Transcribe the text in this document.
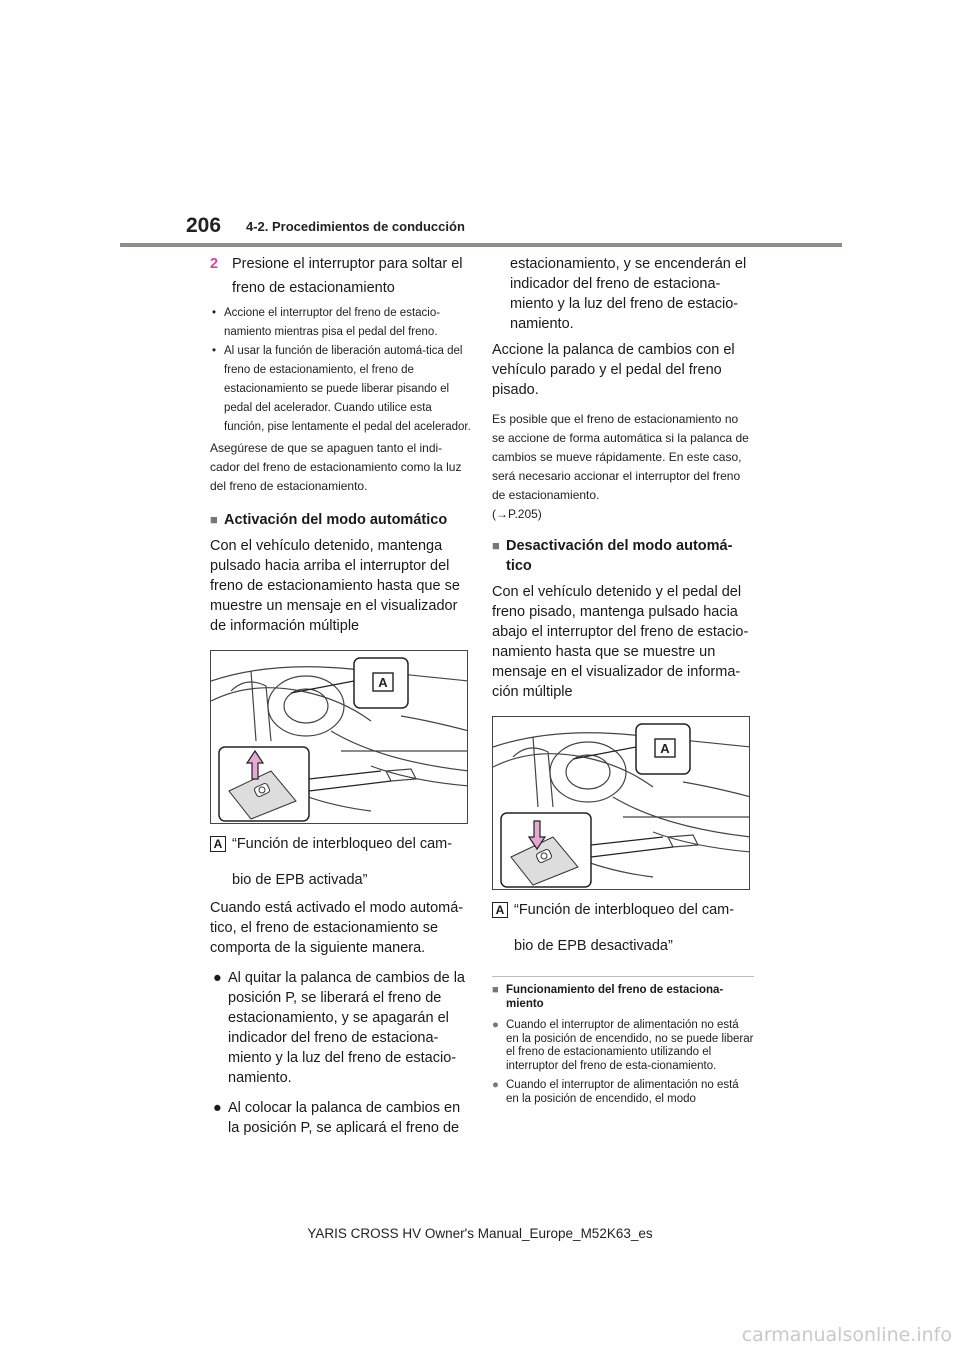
206 4-2. Procedimientos de conducción
2 Presione el interruptor para soltar el
freno de estacionamiento
• Accione el interruptor del freno de estacio-namiento mientras pisa el pedal del freno.
• Al usar la función de liberación automá-tica del freno de estacionamiento, el freno de estacionamiento se puede liberar pisando el pedal del acelerador. Cuando utilice esta función, pise lentamente el pedal del acelerador.
Asegúrese de que se apaguen tanto el indi-cador del freno de estacionamiento como la luz del freno de estacionamiento.
■ Activación del modo automático
Con el vehículo detenido, mantenga pulsado hacia arriba el interruptor del freno de estacionamiento hasta que se muestre un mensaje en el visualizador de información múltiple
A
A “Función de interbloqueo del cam-
bio de EPB activada”
Cuando está activado el modo automá-tico, el freno de estacionamiento se comporta de la siguiente manera.
● Al quitar la palanca de cambios de la posición P, se liberará el freno de estacionamiento, y se apagarán el indicador del freno de estaciona-miento y la luz del freno de estacio-namiento.
● Al colocar la palanca de cambios en la posición P, se aplicará el freno de
estacionamiento, y se encenderán el indicador del freno de estaciona-miento y la luz del freno de estacio-namiento.
Accione la palanca de cambios con el vehículo parado y el pedal del freno pisado.
Es posible que el freno de estacionamiento no se accione de forma automática si la palanca de cambios se mueve rápidamente. En este caso, será necesario accionar el interruptor del freno de estacionamiento.
(→P.205)
■ Desactivación del modo automá-tico
Con el vehículo detenido y el pedal del freno pisado, mantenga pulsado hacia abajo el interruptor del freno de estacio-namiento hasta que se muestre un mensaje en el visualizador de informa-ción múltiple
A
A “Función de interbloqueo del cam-
bio de EPB desactivada”
■ Funcionamiento del freno de estaciona-miento
● Cuando el interruptor de alimentación no está en la posición de encendido, no se puede liberar el freno de estacionamiento utilizando el interruptor del freno de esta-cionamiento.
● Cuando el interruptor de alimentación no está en la posición de encendido, el modo
YARIS CROSS HV Owner's Manual_Europe_M52K63_es
carmanualsonline.info
